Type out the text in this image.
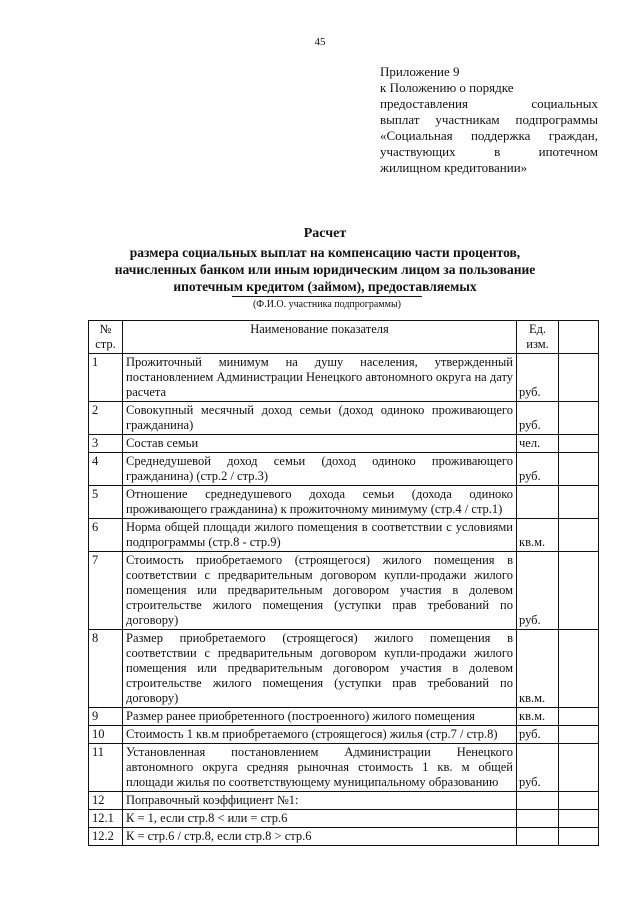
45
Приложение 9
к Положению о порядке
предоставления социальных
выплат участникам подпрограммы
«Социальная поддержка граждан,
участвующих в ипотечном
жилищном кредитовании»
Расчет
размера социальных выплат на компенсацию части процентов,
начисленных банком или иным юридическим лицом за пользование
ипотечным кредитом (займом), предоставляемых
(Ф.И.О. участника подпрограммы)
№ стр.	Наименование показателя	Ед. изм.	
1	Прожиточный минимум на душу населения, утвержденный постановлением Администрации Ненецкого автономного округа на дату расчета	руб.	
2	Совокупный месячный доход семьи (доход одиноко проживающего гражданина)	руб.	
3	Состав семьи	чел.	
4	Среднедушевой доход семьи (доход одиноко проживающего гражданина) (стр.2 / стр.3)	руб.	
5	Отношение среднедушевого дохода семьи (дохода одиноко проживающего гражданина) к прожиточному минимуму (стр.4 / стр.1)		
6	Норма общей площади жилого помещения в соответствии с условиями подпрограммы (стр.8 - стр.9)	кв.м.	
7	Стоимость приобретаемого (строящегося) жилого помещения в соответствии с предварительным договором купли-продажи жилого помещения или предварительным договором участия в долевом строительстве жилого помещения (уступки прав требований по договору)	руб.	
8	Размер приобретаемого (строящегося) жилого помещения в соответствии с предварительным договором купли-продажи жилого помещения или предварительным договором участия в долевом строительстве жилого помещения (уступки прав требований по договору)	кв.м.	
9	Размер ранее приобретенного (построенного) жилого помещения	кв.м.	
10	Стоимость 1 кв.м приобретаемого (строящегося) жилья (стр.7 / стр.8)	руб.	
11	Установленная постановлением Администрации Ненецкого автономного округа средняя рыночная стоимость 1 кв. м общей площади жилья по соответствующему муниципальному образованию	руб.	
12	Поправочный коэффициент №1:		
12.1	К = 1, если стр.8 < или = стр.6		
12.2	К = стр.6 / стр.8, если стр.8 > стр.6		
